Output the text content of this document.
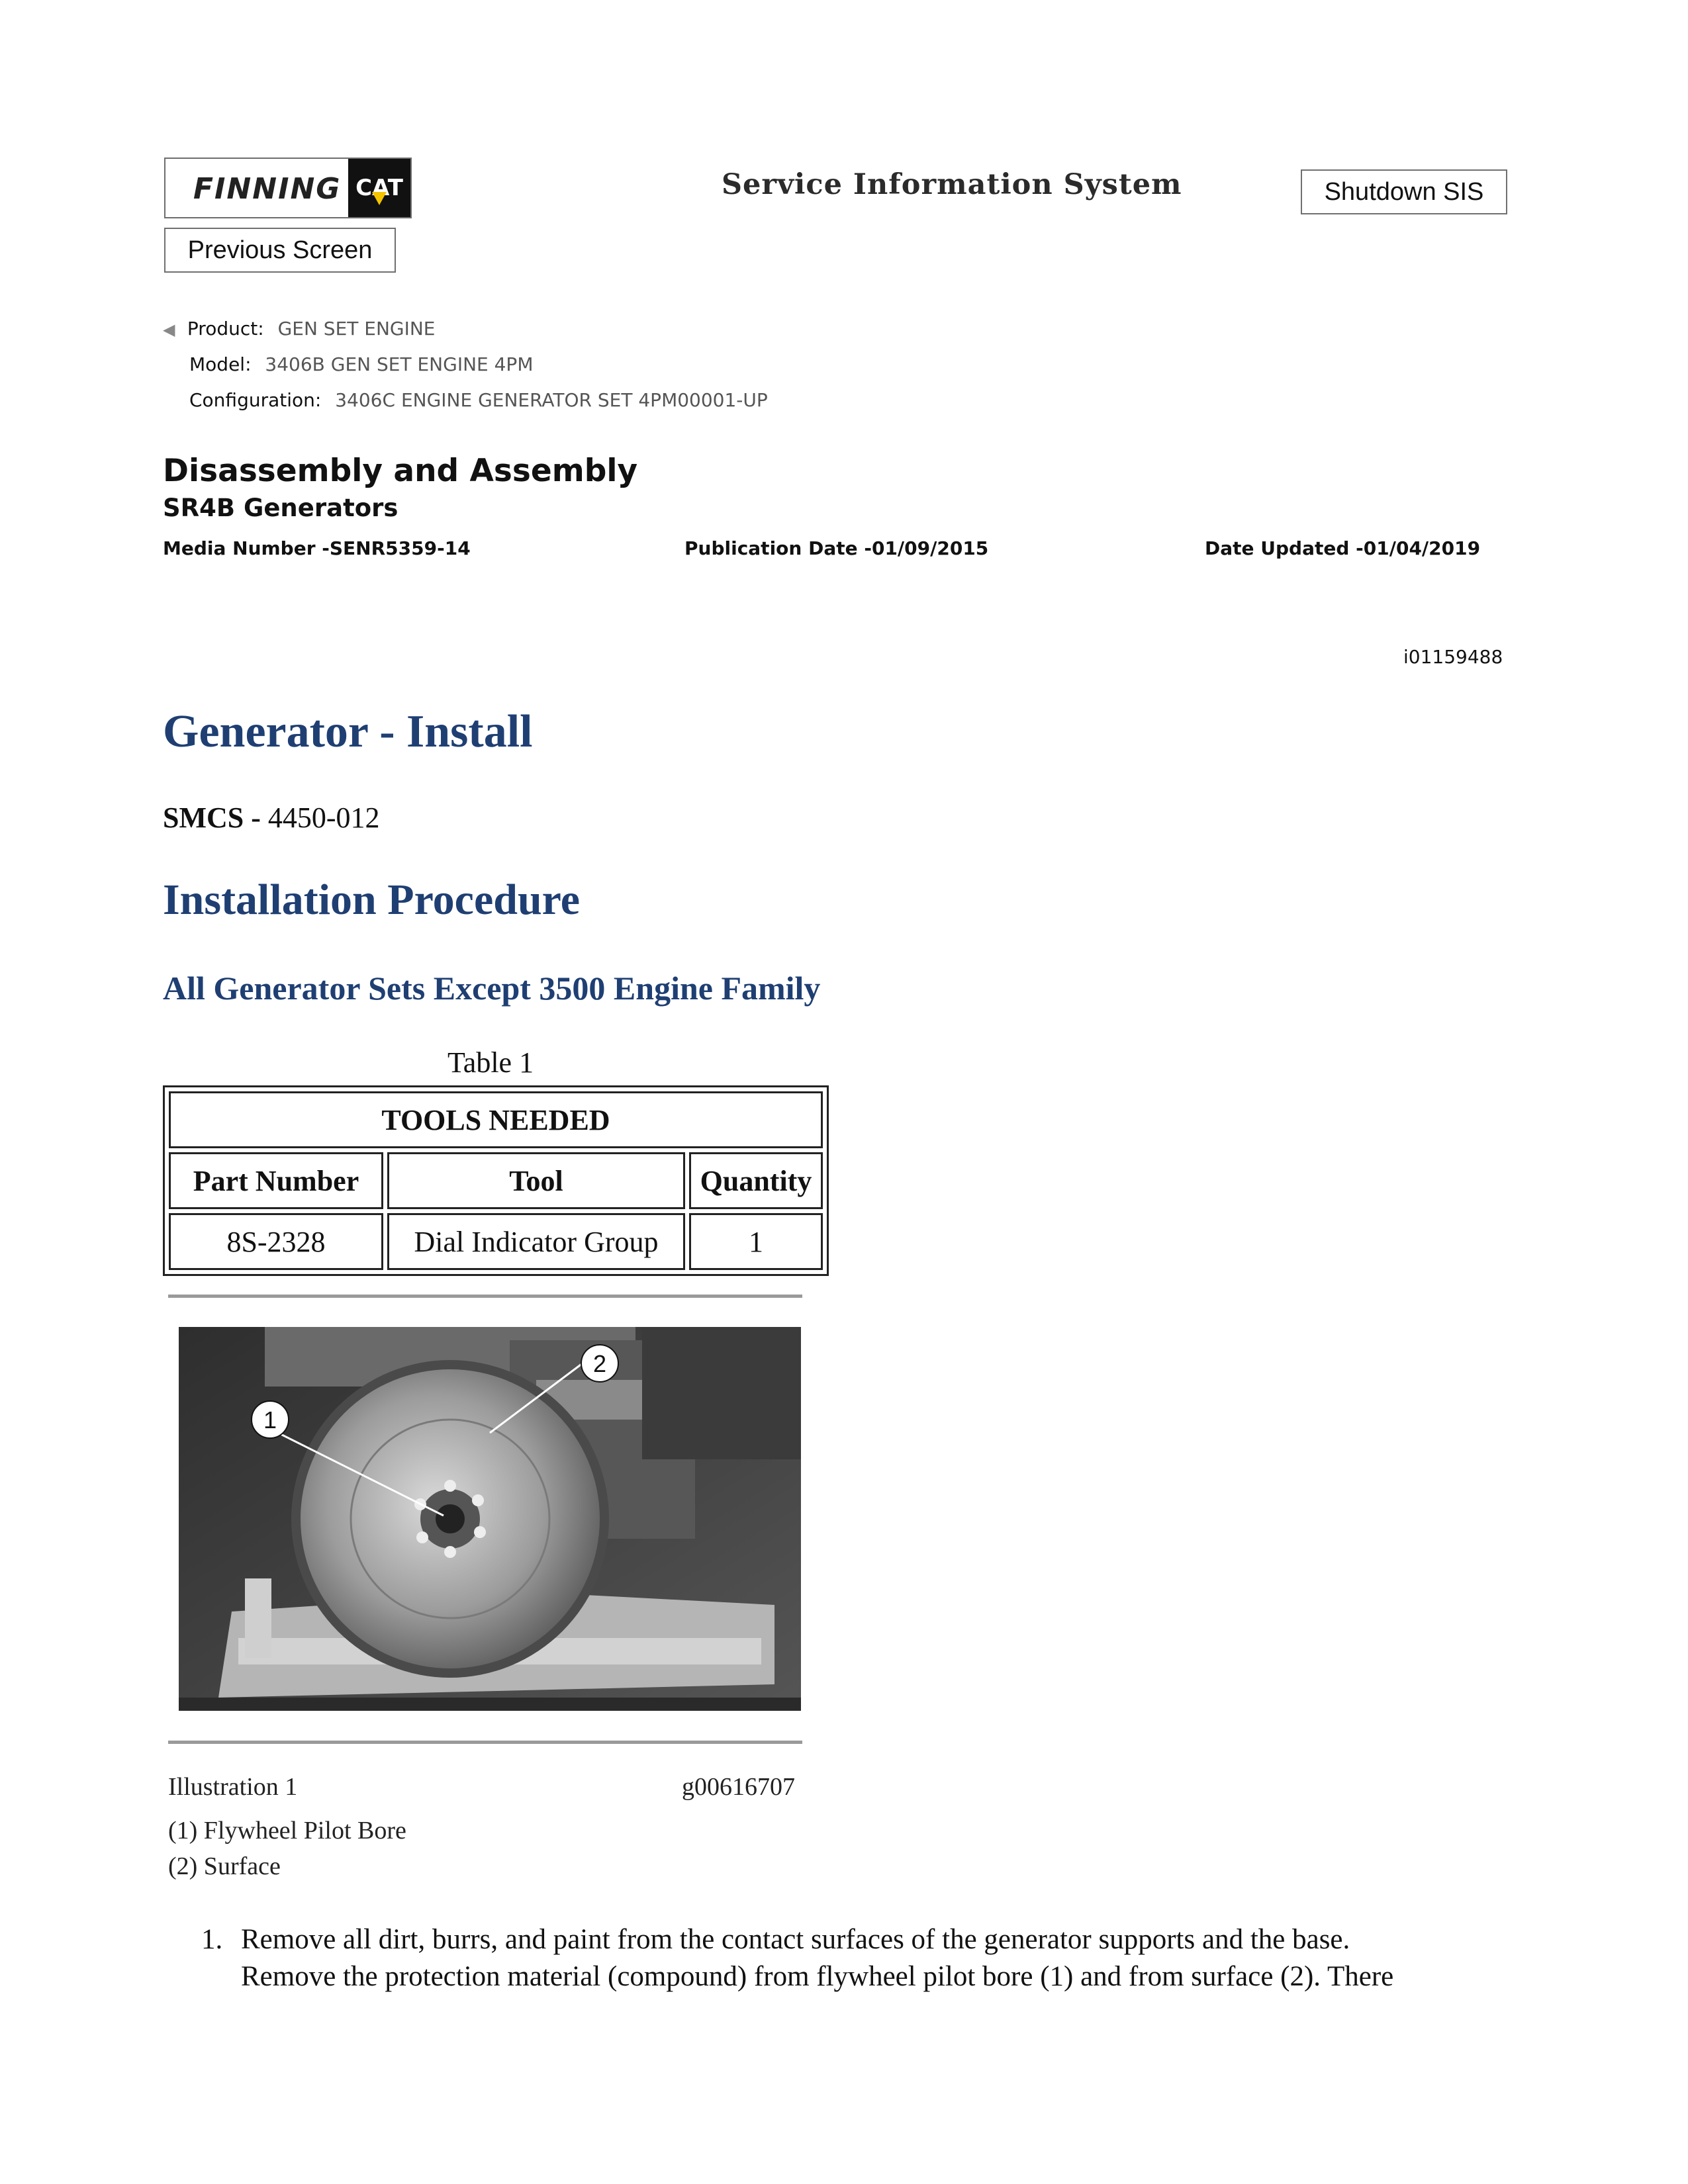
FINNING CAT	Service Information System	Shutdown SIS
Previous Screen
◀ Product: GEN SET ENGINE
Model: 3406B GEN SET ENGINE 4PM
Configuration: 3406C ENGINE GENERATOR SET 4PM00001-UP
Disassembly and Assembly
SR4B Generators
Media Number -SENR5359-14	Publication Date -01/09/2015	Date Updated -01/04/2019
i01159488
Generator - Install
SMCS - 4450-012
Installation Procedure
All Generator Sets Except 3500 Engine Family
Table 1
TOOLS NEEDED		
Part Number	Tool	Quantity
8S-2328	Dial Indicator Group	1
1
2
Illustration 1	g00616707
(1) Flywheel Pilot Bore
(2) Surface
1. Remove all dirt, burrs, and paint from the contact surfaces of the generator supports and the base.
Remove the protection material (compound) from flywheel pilot bore (1) and from surface (2). There
